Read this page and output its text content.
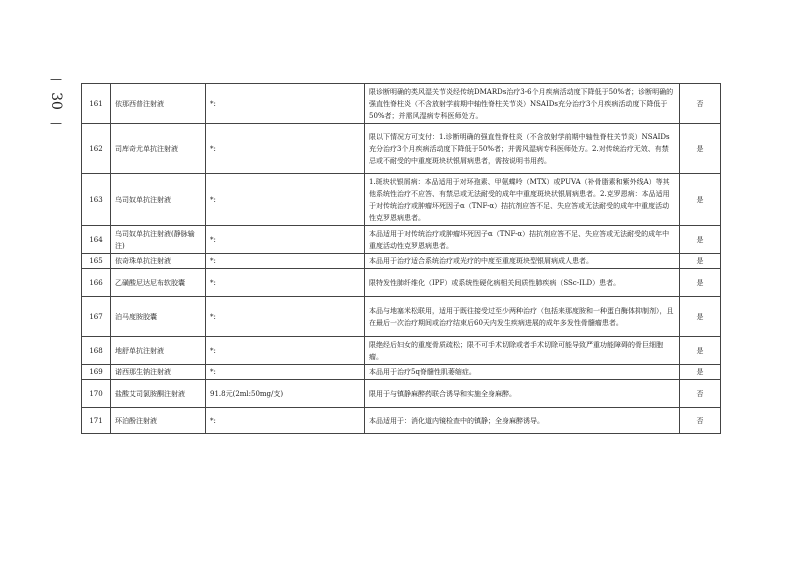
—
30
—
161	依那西普注射液	*:	限诊断明确的类风湿关节炎经传统DMARDs治疗3-6个月疾病活动度下降低于50%者；诊断明确的强直性脊柱炎（不含放射学前期中轴性脊柱关节炎）NSAIDs充分治疗3个月疾病活动度下降低于50%者；并需风湿病专科医师处方。	否
162	司库奇尤单抗注射液	*:	限以下情况方可支付：1.诊断明确的强直性脊柱炎（不含放射学前期中轴性脊柱关节炎）NSAIDs充分治疗3个月疾病活动度下降低于50%者；并需风湿病专科医师处方。2.对传统治疗无效、有禁忌或不耐受的中重度斑块状银屑病患者，需按说明书用药。	是
163	乌司奴单抗注射液	*:	1.斑块状银屑病：本品适用于对环孢素、甲氨蝶呤（MTX）或PUVA（补骨脂素和紫外线A）等其他系统性治疗不应答、有禁忌或无法耐受的成年中重度斑块状银屑病患者。2.克罗恩病：本品适用于对传统治疗或肿瘤坏死因子α（TNF-α）拮抗剂应答不足、失应答或无法耐受的成年中重度活动性克罗恩病患者。	是
164	乌司奴单抗注射液(静脉输注)	*:	本品适用于对传统治疗或肿瘤坏死因子α（TNF-α）拮抗剂应答不足、失应答或无法耐受的成年中重度活动性克罗恩病患者。	是
165	依奇珠单抗注射液	*:	本品用于治疗适合系统治疗或光疗的中度至重度斑块型银屑病成人患者。	是
166	乙磺酸尼达尼布软胶囊	*:	限特发性肺纤维化（IPF）或系统性硬化病相关间质性肺疾病（SSc-ILD）患者。	是
167	泊马度胺胶囊	*:	本品与地塞米松联用，适用于既往接受过至少两种治疗（包括来那度胺和一种蛋白酶体抑制剂），且在最后一次治疗期间或治疗结束后60天内发生疾病进展的成年多发性骨髓瘤患者。	是
168	地舒单抗注射液	*:	限绝经后妇女的重度骨质疏松；限不可手术切除或者手术切除可能导致严重功能障碍的骨巨细胞瘤。	是
169	诺西那生钠注射液	*:	本品用于治疗5q脊髓性肌萎缩症。	是
170	盐酸艾司氯胺酮注射液	91.8元(2ml:50mg/支)	限用于与镇静麻醉药联合诱导和实施全身麻醉。	否
171	环泊酚注射液	*:	本品适用于：消化道内镜检查中的镇静；全身麻醉诱导。	否
